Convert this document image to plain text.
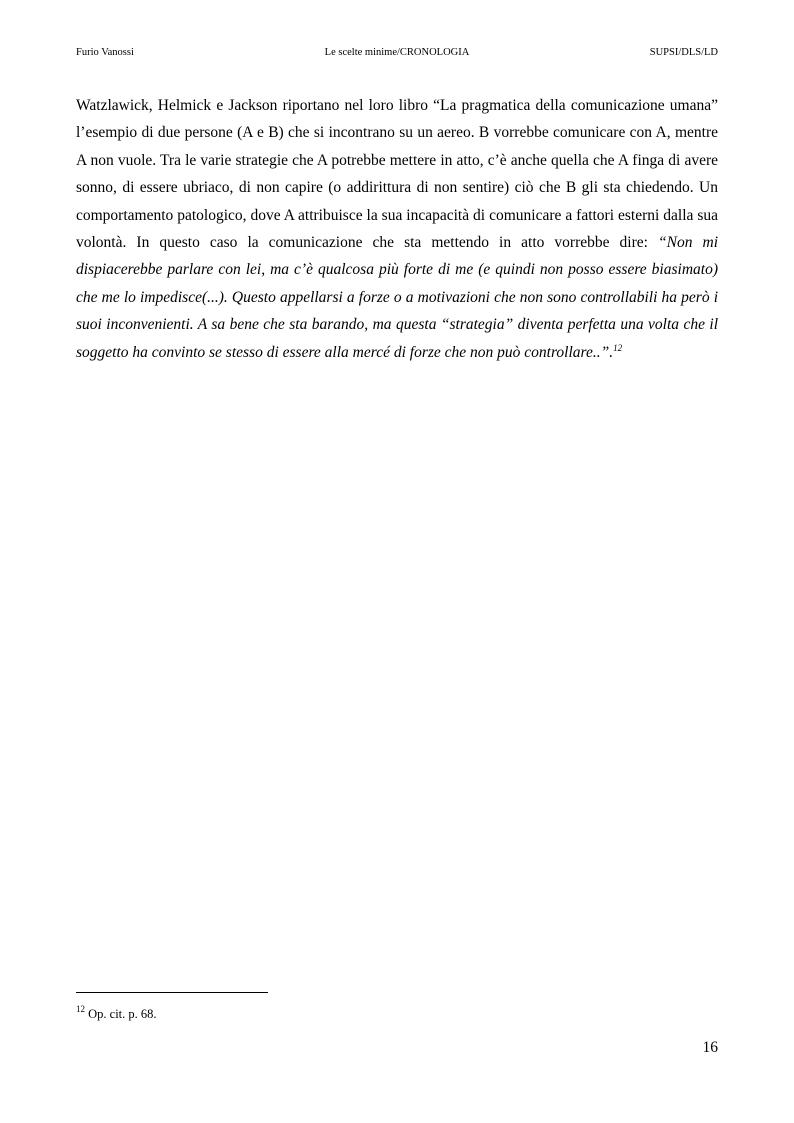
Furio Vanossi	Le scelte minime/CRONOLOGIA	SUPSI/DLS/LD

Watzlawick, Helmick e Jackson riportano nel loro libro “La pragmatica della comunicazione umana” l’esempio di due persone (A e B) che si incontrano su un aereo. B vorrebbe comunicare con A, mentre A non vuole. Tra le varie strategie che A potrebbe mettere in atto, c’è anche quella che A finga di avere sonno, di essere ubriaco, di non capire (o addirittura di non sentire) ciò che B gli sta chiedendo. Un comportamento patologico, dove A attribuisce la sua incapacità di comunicare a fattori esterni dalla sua volontà. In questo caso la comunicazione che sta mettendo in atto vorrebbe dire: “Non mi dispiacerebbe parlare con lei, ma c’è qualcosa più forte di me (e quindi non posso essere biasimato) che me lo impedisce(...). Questo appellarsi a forze o a motivazioni che non sono controllabili ha però i suoi inconvenienti. A sa bene che sta barando, ma questa “strategia” diventa perfetta una volta che il soggetto ha convinto se stesso di essere alla mercé di forze che non può controllare..”.$^{12}$

$^{12}$ Op. cit. p. 68.
16
